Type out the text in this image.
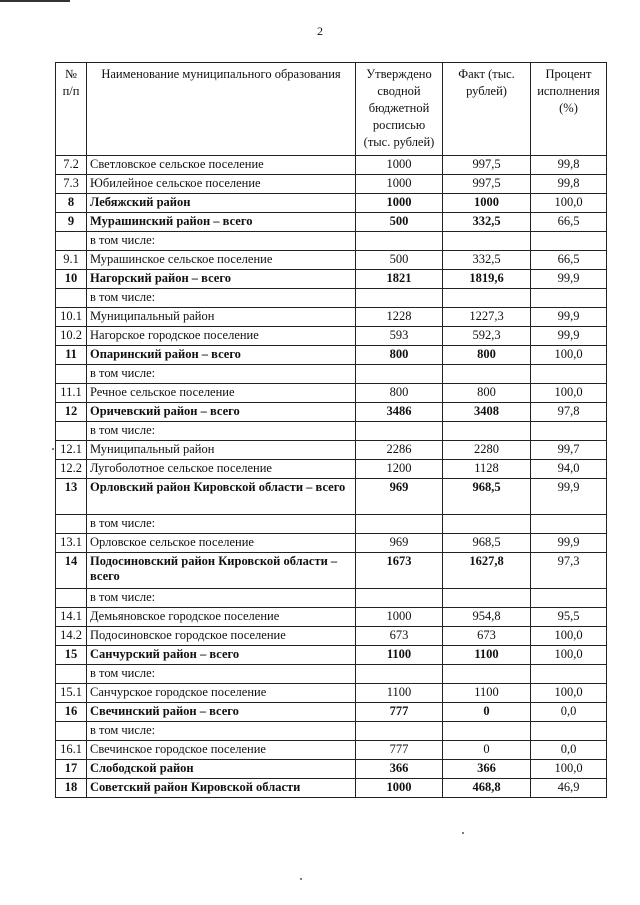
2
№ п/п	Наименование муниципального образования	Утверждено сводной бюджетной росписью (тыс. рублей)	Факт (тыс. рублей)	Процент исполнения (%)
7.2	Светловское сельское поселение	1000	997,5	99,8
7.3	Юбилейное сельское поселение	1000	997,5	99,8
8	Лебяжский район	1000	1000	100,0
9	Мурашинский район – всего	500	332,5	66,5
	в том числе:			
9.1	Мурашинское сельское поселение	500	332,5	66,5
10	Нагорский район – всего	1821	1819,6	99,9
	в том числе:			
10.1	Муниципальный район	1228	1227,3	99,9
10.2	Нагорское городское поселение	593	592,3	99,9
11	Опаринский район – всего	800	800	100,0
	в том числе:			
11.1	Речное сельское поселение	800	800	100,0
12	Оричевский район – всего	3486	3408	97,8
	в том числе:			
12.1	Муниципальный район	2286	2280	99,7
12.2	Лугоболотное сельское поселение	1200	1128	94,0
13	Орловский район Кировской области – всего	969	968,5	99,9
	в том числе:			
13.1	Орловское сельское поселение	969	968,5	99,9
14	Подосиновский район Кировской области – всего	1673	1627,8	97,3
	в том числе:			
14.1	Демьяновское городское поселение	1000	954,8	95,5
14.2	Подосиновское городское поселение	673	673	100,0
15	Санчурский район – всего	1100	1100	100,0
	в том числе:			
15.1	Санчурское городское поселение	1100	1100	100,0
16	Свечинский район – всего	777	0	0,0
	в том числе:			
16.1	Свечинское городское поселение	777	0	0,0
17	Слободской район	366	366	100,0
18	Советский район Кировской области	1000	468,8	46,9
